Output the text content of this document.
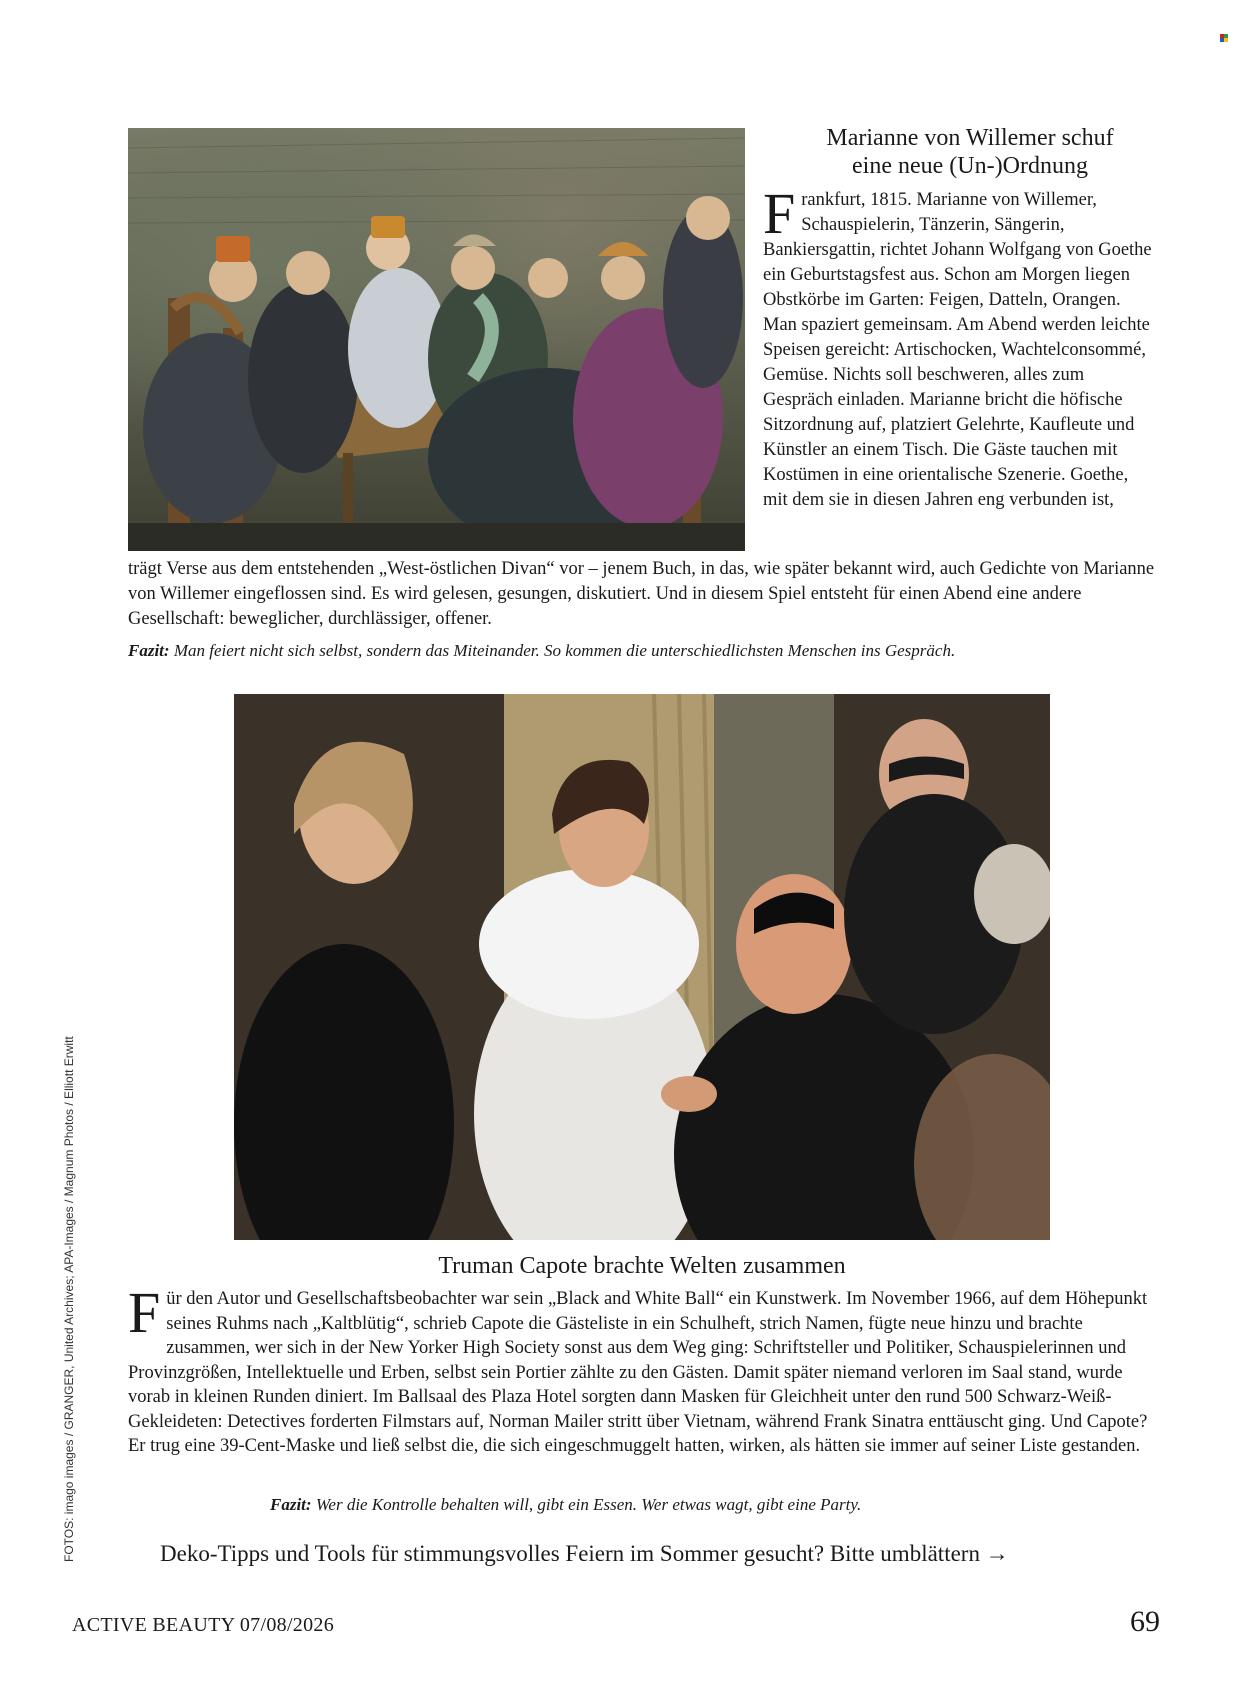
Marianne von Willemer schuf
eine neue (Un-)Ordnung

Frankfurt, 1815. Marianne von Willemer, Schauspielerin, Tänzerin, Sängerin, Bankiersgattin, richtet Johann Wolfgang von Goethe ein Geburtstagsfest aus. Schon am Morgen liegen Obstkörbe im Garten: Feigen, Datteln, Orangen. Man spaziert gemeinsam. Am Abend werden leichte Speisen gereicht: Artischocken, Wachtelconsommé, Gemüse. Nichts soll beschweren, alles zum Gespräch einladen. Marianne bricht die höfische Sitzordnung auf, platziert Gelehrte, Kaufleute und Künstler an einem Tisch. Die Gäste tauchen mit Kostümen in eine orientalische Szenerie. Goethe, mit dem sie in diesen Jahren eng verbunden ist,

trägt Verse aus dem entstehenden „West-östlichen Divan“ vor – jenem Buch, in das, wie später bekannt wird, auch Gedichte von Marianne von Willemer eingeflossen sind. Es wird gelesen, gesungen, diskutiert. Und in diesem Spiel entsteht für einen Abend eine andere Gesellschaft: beweglicher, durchlässiger, offener.

Fazit: Man feiert nicht sich selbst, sondern das Miteinander. So kommen die unterschiedlichsten Menschen ins Gespräch.

Truman Capote brachte Welten zusammen

Für den Autor und Gesellschaftsbeobachter war sein „Black and White Ball“ ein Kunstwerk. Im November 1966, auf dem Höhepunkt seines Ruhms nach „Kaltblütig“, schrieb Capote die Gästeliste in ein Schulheft, strich Namen, fügte neue hinzu und brachte zusammen, wer sich in der New Yorker High Society sonst aus dem Weg ging: Schriftsteller und Politiker, Schauspielerinnen und Provinzgrößen, Intellektuelle und Erben, selbst sein Portier zählte zu den Gästen. Damit später niemand verloren im Saal stand, wurde vorab in kleinen Runden diniert. Im Ballsaal des Plaza Hotel sorgten dann Masken für Gleichheit unter den rund 500 Schwarz-Weiß-Gekleideten: Detectives forderten Filmstars auf, Norman Mailer stritt über Vietnam, während Frank Sinatra enttäuscht ging. Und Capote? Er trug eine 39-Cent-Maske und ließ selbst die, die sich eingeschmuggelt hatten, wirken, als hätten sie immer auf seiner Liste gestanden.

Fazit: Wer die Kontrolle behalten will, gibt ein Essen. Wer etwas wagt, gibt eine Party.

Deko-Tipps und Tools für stimmungsvolles Feiern im Sommer gesucht? Bitte umblättern →

FOTOS: imago images / GRANGER, United Archives; APA-Images / Magnum Photos / Elliott Erwitt

ACTIVE BEAUTY 07/08/2026	69
